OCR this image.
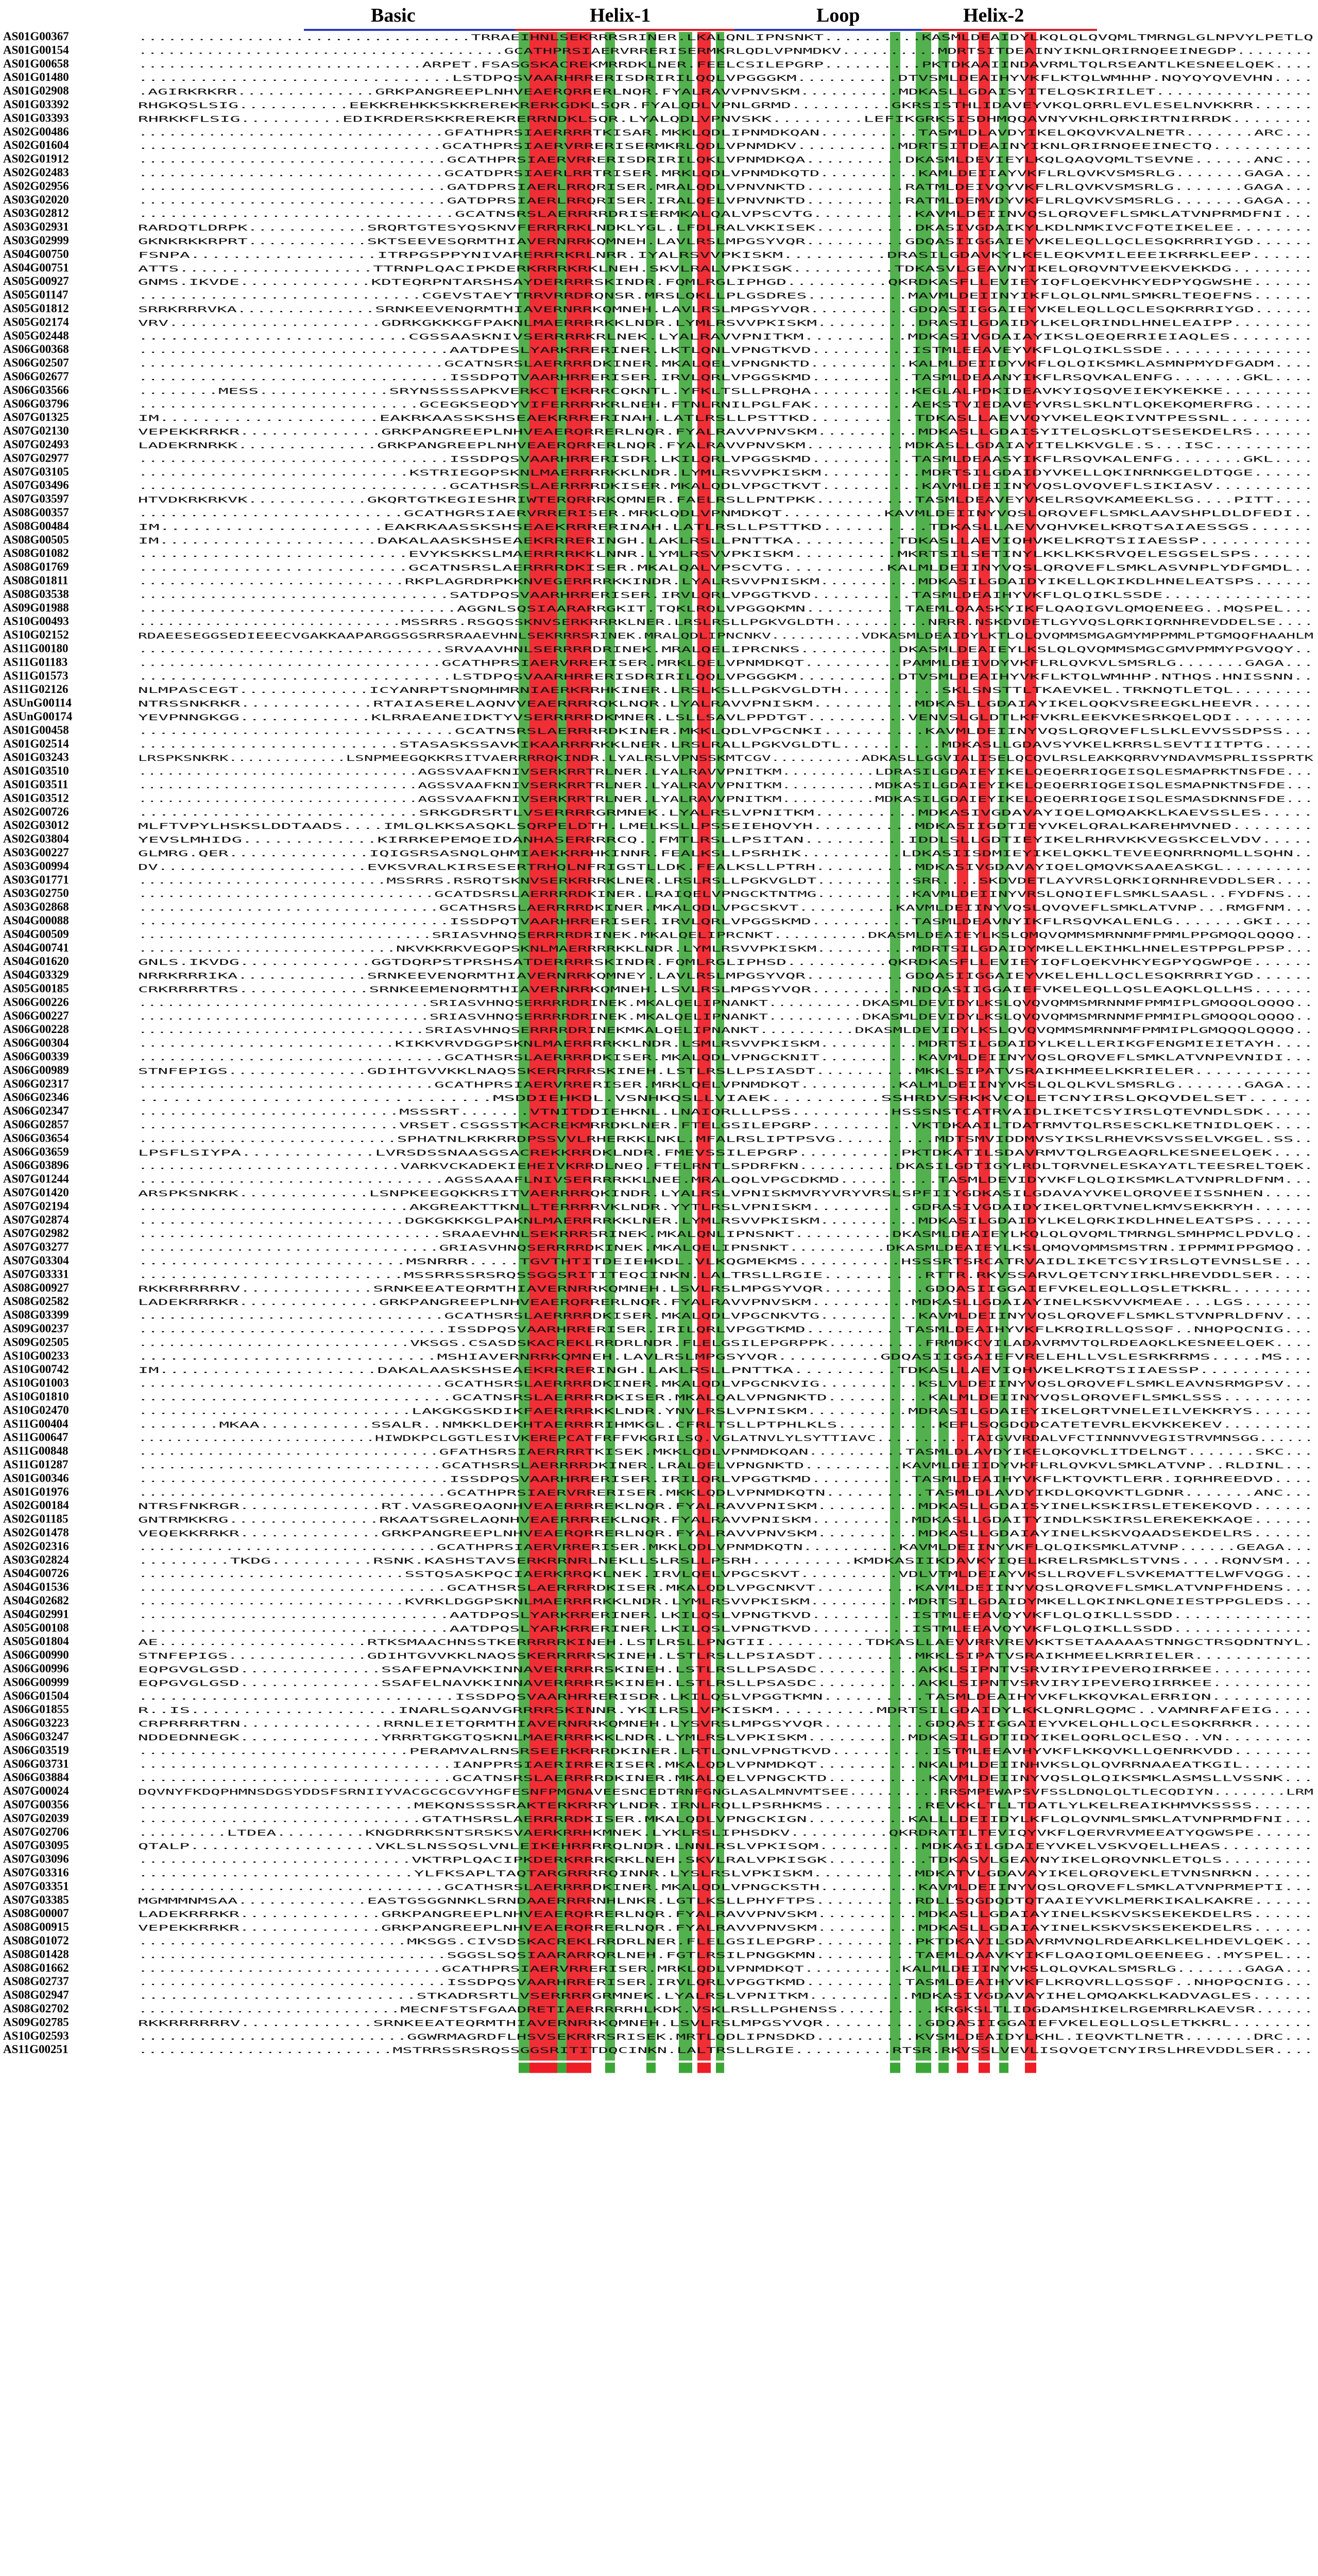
Basic	Helix-1	Loop	Helix-2
AS01G00367	..................................TRRAEIHNLSEKRRRSRINER.LKALQNLIPNSNKT..........KASMLDEAIDYLKQLQLQVQMLTMRNGLGLNPVYLPETLQ
AS01G00154	......................................GCATHPRSIAERVRRERISERMKRLQDLVPNMDKV..........MDRTSITDEAINYIKNLQRIRNQEEINEGDP........
AS01G00658	.............................ARPET.FSASGSKACREKMRRDKLNER.FEELCSILEPGRP..........PKTDKAAIINDAVRMLTQLRSEANTLKESNEELQEK....
AS01G01480	...............................LSTDPQSVAARHRRERISDRIRILQQLVPGGGKM..........DTVSMLDEAIHYVKFLKTQLWMHHP.NQYQYQVEVHN....
AS01G02908	.AGIRKRKRR..............GRKPANGREEPLNHVEAERQRRERLNQR.FYALRAVVPNVSKM..........MDKASLLGDAISYITELQSKIRILET................
AS01G03392	RHGKQSLSIG...........EEKKREHKKSKKREREKRERKGDKLSQR.FYALQDLVPNLGRMD..........GKRSISTHLIDAVEYVKQLQRRLEVLESELNVKKRR......
AS01G03393	RHRKKFLSIG..........EDIKRDERSKKREREKRERRNDKLSQR.LYALQDLVPNVSKK.........LEFIKGRKSISDHMQQAVNYVKHLQRKIRTNIRRDK........
AS02G00486	...............................GFATHPRSIAERRRRTKISAR.MKKLQDLIPNMDKQAN..........TASMLDLAVDYIKELQKQVKVALNETR.......ARC...
AS02G01604	..............................GCATHPRSIAERVRRERISERMKRLQDLVPNMDKV..........MDRTSITDEAINYIKNLQRIRNQEEINECTQ..........
AS02G01912	...............................GCATHPRSIAERVRRERISDRIRILQKLVPNMDKQA..........DKASMLDEVIEYLKQLQAQVQMLTSEVNE......ANC...
AS02G02483	...............................GCATDPRSIAERLRRTRISER.MRKLQDLVPNMDKQTD..........KAMLDEIIAYVKFLRLQVKVSMSRLG.......GAGA...
AS02G02956	...............................GATDPRSIAERLRRQRISER.MRALQDLVPNVNKTD..........RATMLDEIVQYVKFLRLQVKVSMSRLG.......GAGA...
AS03G02020	...............................GATDPRSIAERLRRQRISER.IRALQELVPNVNKTD..........RATMLDEMVDYVKFLRLQVKVSMSRLG.......GAGA...
AS03G02812	...............................GCATNSRSLAERRRRDRISERMKALQALVPSCVTG..........KAVMLDEIINVQSLQRQVEFLSMKLATVNPRMDFNI...
AS03G02931	RARDQTLDRPK............SRQRTGTESYQSKNVFERRRRKLNDKLYGL.LFDLRALVKKISEK..........DKASIVGDAIKYLKDLNMKIVCFQTEIKELEE........
AS03G02999	GKNKRKKRPRT............SKTSEEVESQRMTHIAVERNRRKQMNEH.LAVLRSLMPGSYVQR..........GDQASIIGGAIEYVKELEQLLQCLESQKRRRIYGD......
AS04G00750	FSNPA..................ITRPGSPPYNIVARERRRKRLNRR.IYALRSVVPKISKM..........DRASILGDAVKYLKELEQKVMILEEEIKRRKLEEP......
AS04G00751	ATTS...................TTRNPLQACIPKDERKRRRKRKLNEH.SKVLRALVPKISGK..........TDKASVLGEAVNYIKELQRQVNTVEEKVEKKDG........
AS05G00927	GNMS.IKVDE.............KDTEQRPNTARSHSAYDERRRRSKINDR.FQMLRGLIPHGD..........QKRDKASFLLEVIEYIQFLQEKVHKYEDPYQGWSHE......
AS05G01147	............................CGEVSTAEYTRRVRRDRQNSR.MRSLQKLLPLGSDRES..........MAVMLDEIINYIKFLQLQLNMLSMKRLTEQEFNS......
AS05G01812	SRRKRRRVKA..............SRNKEEVENQRMTHIAVERNRRKQMNEH.LAVLRSLMPGSYVQR..........GDQASIIGGAIEYVKELEQLLQCLESQKRRRIYGD......
AS05G02174	VRV.....................GDRKGKKKGFPAKNLMAERRRRKKLNDR.LYMLRSVVPKISKM..........DRASILGDAIDYLKELQRINDLHNELEAIPP........
AS05G02448	..........................CGSSAASKNIVSERRRRKRLNEK.LYALRAVVPNITKM..........MDKASIVGDAIAYIKSLQEQERRIEIAQLES........
AS06G00368	...............................AATDPESLYARKRRERINER.LKTLQNLVPNGTKVD..........ISTMLEEAVEYVKFLQLQIKLSSDE...............
AS06G02507	...............................GCATNSRSLAERRRRDKINER.MKALQELVPNGNKTD..........KALMLDEIIDYVKFLQLQIKSMKLASMNPMYDFGADM....
AS06G02677	...............................ISSDPQTVAARHRRERISER.IRVLQRLVPGGSKMD..........TASMLDEAANYIKFLRSQVKALENFG.......GKL....
AS06G03566	........MESS.............SRYNSSSSAPKVERKCTEKRRRCQKNTL.YFKLTSLLPRQHA..........KEGLALPDKIDEAVKYIQSQVEIEKYKEKKE.........
AS06G03796	............................GCEGKSEQDYVIFERRRRKRLNEH.FTNLRNILPGLFAK..........AEKSTVIEDAVEYVRSLSKLNTLQKEKQMERFRG......
AS07G01325	IM.....................EAKRKAASSKSHSEAEKRRRERINAH.LATLRSLLPSTTKD..........TDKASLLAEVVQYVKELEQKIVNTPESSNL........
AS07G02130	VEPEKKRRKR..............GRKPANGREEPLNHVEAERQRRERLNQR.FYALRAVVPNVSKM..........MDKASLLGDAISYITELQSKLQTSESEKDELRS......
AS07G02493	LADEKRNRKK..............GRKPANGREEPLNHVEAERQRRERLNQR.FYALRAVVPNVSKM..........MDKASLLGDAIAYITELKKVGLE.S...ISC..........
AS07G02977	...............................ISSDPQSVAARHRRERISDR.LKILQRLVPGGSKMD..........TASMLDEAASYIKFLRSQVKALENFG.......GKL....
AS07G03105	...........................KSTRIEGQPSKNLMAERRRRKKLNDR.LYMLRSVVPKISKM..........MDRTSILGDAIDYVKELLQKINRNKGELDTQGE......
AS07G03496	...............................GCATHSRSLAERRRRDKISER.MKALQDLVPGCTKVT..........KAVMLDEIINYVQSLQVQVEFLSIKIASV..........
AS07G03597	HTVDKRKRKVK............GKQRTGTKEGIESHRIWTERQRRRKQMNER.FAELRSLLPNTPKK..........TASMLDEAVEYVKELRSQVKAMEEKLSG....PITT....
AS08G00357	..........................GCATHGRSIAERVRRERISER.MRKLQDLVPNMDKQT..........KAVMLDEIINYVQSLQRQVEFLSMKLAAVSHPLDLDFEDI..
AS08G00484	IM.....................EAKRKAASSKSHSEAEKRRRERINAH.LATLRSLLPSTTKD..........TDKASLLAEVVQHVKELKRQTSAIAESSGS......
AS08G00505	IM.....................DAKALAASKSHSEAEKRRRERINGH.LAKLRSLLPNTTKA..........TDKASLLAEVIQHVKELKRQTSIIAESSP...........
AS08G01082	..........................EVYKSKKSLMAERRRRKKLNNR.LYMLRSVVPKISKM..........MKRTSILSETINYLKKLKKSRVQELESGSELSPS......
AS08G01769	..........................GCATNSRSLAERRRRDKISER.MKALQALVPSCVTG..........KALMLDEIINYVQSLQRQVEFLSMKLASVNPLYDFGMDL..
AS08G01811	...........................RKPLAGRDRPKKNVEGERRRRKKINDR.LYALRSVVPNISKM..........MDKASILGDAIDYIKELLQKIKDLHNELEATSPS......
AS08G03538	...............................SATDPQSVAARHRRERISER.IRVLQRLVPGGTKVD..........TASMLDEAIHYVKFLQLQIKLSSDE...............
AS09G01988	................................AGGNLSQSIAARARRGKIT.TQKLRQLVPGGQKMN..........TAEMLQAASKYIKFLQAQIGVLQMQENEEG..MQSPEL...
AS10G00493	............................MSSRRS.RSGQSSKNVSERKRRRKLNER.LRSLRSLLPGKVGLDTH..........NRRR.NSKDVDETLGYVQSLQRKIQRNHREVDDELSE....
AS10G02152	RDAEESEGGSEDIEEECVGAKKAAPARGGSGSRRSRAAEVHNLSEKRRRSRINEK.MRALQDLIPNCNKV..........VDKASMLDEAIDYLKTLQLQVQMMSMGAGMYMPPMMLPTGMQQFHAAHLM
AS11G00180	...............................SRVAAVHNLSERRRRDRINEK.MRALQELIPRCNKS..........DKASMLDEAIEYLKSLQLQVQMMSMGCGMVPMMYPGVQQY..
AS11G01183	...............................GCATHPRSIAERVRRERISER.MRKLQELVPNMDKQT..........PAMMLDEIVDYVKFLRLQVKVLSMSRLG.......GAGA...
AS11G01573	...............................LSTDPQSVAARHRRERISDRIRILQQLVPGGGKM..........DTVSMLDEAIHYVKFLKTQLWMHHP.NTHQS.HNISSNN..
AS11G02126	NLMPASCEGT.............ICYANRPTSNQMHMRNIAERKRRHKINER.LRSLKSLLPGKVGLDTH..........SKLSNSTTLTKAEVKEL.TRKNQTLETQL........
ASUnG00114	NTRSSNKRKR.............RTAIASERELAQNVVEAERRRRQKLNQR.LYALRAVVPNISKM..........MDKASLLGDAIAYIKELQQKVSREEGKLHEEVR......
ASUnG00174	YEVPNNGKGG.............KLRRAEANEIDKTYVSERRRRRDKMNER.LSLLSAVLPPDTGT..........VENVSLGLDTLKFVKRLEEKVKESRKQELQDI........
AS01G00458	...............................GCATNSRSLAERRRRDKINER.MKKLQDLVPGCNKI..........KAVMLDEIINYVQSLQRQVEFLSLKLEVVSSDPSS...
AS01G02514	..........................STASASKSSAVKIKAARRRRKKLNER.LRSLRALLPGKVGLDTL..........MDKASLLGDAVSYVKELKRRSLSEVTIITPTG.....
AS01G03243	LRSPKSNKRK.............LSNPMEEGQKKRSITVAERRRRQKINDR.LYALRSLVPNSSKMTCGV..........ADKASLLGGVIALISELQCQVLRSLEAKKQRRVYNDAVMSPRLISSPRTK
AS01G03510	..............................AGSSVAAFKNIVSERKRRTRLNER.LYALRAVVPNITKM..........LDRASILGDAIEYIKELQEQERRIQGEISQLESMAPRKTNSFDE...
AS01G03511	..............................AGSSVAAFKNIVSERKRRTRLNER.LYALRAVVPNITKM..........MDKASILGDAIEYIKELQEQERRIQGEISQLESMAPNKTNSFDE...
AS01G03512	..............................AGSSVAAFKNIVSERKRRTRLNER.LYALRAVVPNITKM..........MDKASILGDAIEYIKELQEQERRIQGEISQLESMASDKNNSFDE...
AS02G00726	...........................SRKGDRSRTLVSERRRRGRMNEK.LYALRSLVPNITKM..........MDKASIVGDAVAYIQELQMQAKKLKAEVSSLES.....
AS02G03012	MLFTVPYLHSKSLDDTAADS....IMLQLKKSASQKLSQRPELDTH.LMELKSLLPSSEIEHQVYH..........MDKASIIGDTIEYVKELQRALKAREHMVNED........
AS02G03804	YEVSLMHIDG.............KIRRKEPEMQEIDANHASERRRRCQ..FMTLRSLLPSITAN..........IDDLSLLGDTIEYIKELRHRVKKVEGSKCELVDV.....
AS03G00227	GLMRG.QER..............IQIGSRSASNQLQHMIAEKKRRHKINNR.FEALKSLLPSRHIK..........LDKASIISDMIEYIKELQKKLTEVEEQNRRNQMLLSQHN..
AS03G00994	DV.....................EVKSVRALKIRSESERTRHQLNFRIGSTLLDK.FEALKSLLPTRH..........MDKASIVGDAVAYIQELQMQVKSAAEASKGL.........
AS03G01771	..........................MSSRRS.RSRQTSKNVSERKRRRKLNER.LRSLRSLLPGKVGLDT..........SRR....SKDVDETLAYVRSLQRKIQRNHREVDDLSER....
AS03G02750	...............................GCATDSRSLAERRRRDKINER.LRAIQELVPNGCKTNTMG..........KAVMLDEIINYVRSLQNQIEFLSMKLSAASL..FYDFNS...
AS03G02868	...............................GCATHSRSLAERRRRDKINER.MKALQDLVPGCSKVT..........KAVMLDEIINYVQSLQVQVEFLSMKLATVNP...RMGFNM...
AS04G00088	...............................ISSDPQTVAARHRRERISER.IRVLQRLVPGGSKMD..........TASMLDEAVNYIKFLRSQVKALENLG.......GKI....
AS04G00509	...............................SRIASVHNQSERRRRDRINEK.MKALQELIPRCNKT..........DKASMLDEAIEYLKSLQMQVQMMSMRNNMFPMMLPPGMQQLQQQQ..
AS04G00741	...........................NKVKKRKVEGQPSKNLMAERRRRKKLNDR.LYMLRSVVPKISKM..........MDRTSILGDAIDYMKELLEKIHKLHNELESTPPGLPPSP...
AS04G01620	GNLS.IKVDG.............GGTDQRPSTPRSHSATDERRRRSKINDR.FQMLRGLIPHSD..........QKRDKASFLLEVIEYIQFLQEKVHKYEGPYQGWPQE......
AS04G03329	NRRKRRRIKA.............SRNKEEVENQRMTHIAVERNRRKQMNEY.LAVLRSLMPGSYVQR..........GDQASIIGGAIEYVKELEHLLQCLESQKRRRIYGD......
AS05G00185	CRKRRRRTRS.............SRNKEEMENQRMTHIAVERNRRKQMNEH.LSVLRSLMPGSYVQR..........NDQASIIGGAIEFVKELEQLLQSLEAQKLQLLHS......
AS06G00226	...............................SRIASVHNQSERRRRDRINEK.MKALQELIPNANKT..........DKASMLDEVIDYLKSLQVQVQMMSMRNNMFPMMIPLGMQQQLQQQQ..
AS06G00227	...............................SRIASVHNQSERRRRDRINEK.MKALQELIPNANKT..........DKASMLDEVIDYLKSLQVQVQMMSMRNNMFPMMIPLGMQQQLQQQQ..
AS06G00228	..............................SRIASVHNQSERRRRDRINEKMKALQELIPNANKT..........DKASMLDEVIDYLKSLQVQVQMMSMRNNMFPMMIPLGMQQQLQQQQ..
AS06G00304	..........................KIKKVRVDGGPSKNLMAERRRRKKLNDR.LSMLRSVVPKISKM..........MDRTSILGDAIDYLKELLERIKGFENGMIEIETAYH....
AS06G00339	...............................GCATHSRSLAERRRRDKISER.MKALQDLVPNGCKNIT..........KAVMLDEIINYVQSLQRQVEFLSMKLATVNPEVNIDI...
AS06G00989	STNFEPIGS..............GDIHTGVVKKLNAQSSKERRRRRSKINEH.LSTLRSLLPSIASDT..........MKKLSIPATVSRAIKHMEELKKRIELER............
AS06G02317	..............................GCATHPRSIAERVRRERISER.MRKLQELVPNMDKQT..........KALMLDEIINYVKSLQLQLKVLSMSRLG.......GAGA...
AS06G02346	................................MSDDIEHKDL.VSNHKQSLLVIAEK..........SSHRDVSRKKVCQLETCNYIRSLQKQVDELSET......
AS06G02347	..........................MSSSRT.......VTNITDDIEHKNL.LNAIQRLLLPSS..........HSSSNSTCATRVAIDLIKETCSYIRSLQTEVNDLSDK.....
AS06G02857	..........................VRSET.CSGSSTKACREKMRRDKLNER.FTELGSILEPGRP..........VKTDKAAILTDATRMVTQLRSESCKLKETNIDLQEK....
AS06G03654	..........................SPHATNLKRKRRDPSSVVLRHERKKLNKL.MFALRSLIPTPSVG..........MDTSMVIDDMVSYIKSLRHEVKSVSSELVKGEL.SS..
AS06G03659	LPSFLSIYPA.............LVRSDSSNAASGSACREKKRRDKLNDR.FMEVSSILEPGRP..........PKTDKATILSDAVRMVTQLRGEAQRLKESNEELQEK....
AS06G03896	...........................VARKVCKADEKIEHEIVKRRDLNEQ.FTELRNTLSPDRFKN..........DKASILGDTIGYLRDLTQRVNELESKAYATLTEESRELTQEK.
AS07G01244	...............................AGSSAAAFLNIVSERRRRKKLNEE.MRALQQLVPGCDKMD..........TASMLDEVIDYVKFLQLQIKSMKLATVNPRLDFNM...
AS07G01420	ARSPKSNKRK.............LSNPKEEGQKKRSITVAERRRRQKINDR.LYALRSLVPNISKMVRYVRYVRSLSPFIIYGDKASILGDAVAYVKELQRQVEEISSNHEN.....
AS07G02194	...........................AKGREAKTTKNLLTERRRRVKLNDR.YYTLRSLVPNISKM..........GDRASIVGDAIDYIKELQRTVNELKMVSEKKRYH......
AS07G02874	...........................DGKGKKKGLPAKNLMAERRRRKKLNER.LYMLRSVVPKISKM..........MDKASILGDAIDYLKELQRKIKDLHNELEATSPS......
AS07G02982	...............................SRAAEVHNLSEKRRRSRINEK.MKALQNLIPNSNKT..........DKASMLDEAIEYLKQLQLQVQMLTMRNGLSMHPMCLPDVLQ..
AS07G03277	...............................GRIASVHNQSERRRRDKINEK.MKALQELIPNSNKT..........DKASMLDEAIEYLKSLQMQVQMMSMSTRN.IPPMMIPPGMQQ..
AS07G03304	..........................MSNRRR.....TGVTHTITDEIEHKDL.VLKQGMEKMS..........HSSSRTSRCATRVAIDLIKETCSYIRSLQTEVNSLSE...
AS07G03331	..........................MSSRRSSRSRQSSGGSRITITEQCINKN.LALTRSLLRGIE..........RTTR.RKVSSARVLQETCNYIRKLHREVDDLSER....
AS08G00927	RKKRRRRRRV.............SRNKEEATEQRMTHIAVERNRRKQMNEH.LSVLRSLMPGSYVQR..........GDQASIIGGAIEFVKELEQLLQSLETKKRL........
AS08G02582	LADEKRRRKR..............GRKPANGREEPLNHVEAERQRRERLNQR.FYALRAVVPNVSKM..........MDKASLLGDAIAYINELKSKVVKMEAE...LGS.......
AS08G03399	...............................GCATHSRSLAERRRRDKISER.MKALQDLVPGCNKVTG..........KAVMLDEIINYVQSLQRQVEFLSMKLSTVNPRLDFNV...
AS09G00237	...............................ISSDPQSVAARHRRERISER.IRILQRLVPGGTKMD..........TASMLDEAIHYVKFLKRQIRLLQSSQF..NHQPQCNIG...
AS09G02505	............................VKSGS.CSASDSKACREKLRRDRLNDR.FLELGSILEPGRPPK..........FRMDKCVILADAVRMVTQLRDEAQKLKESNEELQEK....
AS10G00233	.............................MSHIAVERNRRKQMNEH.LAVLRSLMPGSYVQR..........GDQASIIGGAIEFVRELEHLLVSLESRKRRMS.....MS...
AS10G00742	IM.....................DAKALAASKSHSEAEKRRRERINGH.LAKLRSLLPNTTKA..........TDKASLLAEVIQHVKELKRQTSIIAESSP...........
AS10G01003	...............................GCATHSRSLAERRRRDKINER.MKALQDLVPGCNKVIG..........KSLVLDEIINYVQSLQRQVEFLSMKLEAVNSRMGPSV...
AS10G01810	...............................GCATNSRSLAERRRRDKISER.MKALQALVPNGNKTD..........KALMLDEIINYVQSLQRQVEFLSMKLSSS.........
AS10G02470	...........................LAKGKGSKDIKFAERRRRKKLNDR.YNVLRSLVPNISKM..........MDRASILGDAIEYIKELQRTVNELEILVEKKRYS......
AS11G00404	........MKAA...........SSALR..NMKKLDEKHTAERRRRIHMKGL.CFRLTSLLPTPHLKLS..........KEFLSQGDQDCATETEVRLEKVKKEKEV.........
AS11G00647	..........................HIWDKPCLGGTLESIVKEREPCATFRFFVKGRILSQ.VGLATNVLYLSYTTIAVC..........TAIGVVRDALVFCTINNNVVEGISTRVMNSGG......
AS11G00848	...............................GFATHSRSIAERRRRTKISEK.MKKLQDLVPNMDKQAN..........TASMLDLAVDYIKELQKQVKLITDELNGT.......SKC...
AS11G01287	...............................GCATHSRSLAERRRRDKINER.LRALQELVPNGNKTD..........KAVMLDEIIDYVKFLRLQVKVLSMKLATVNP..RLDINL...
AS01G00346	...............................ISSDPQSVAARHRRERISER.IRILQRLVPGGTKMD..........TASMLDEAIHYVKFLKTQVKTLERR.IQRHREEDVD....
AS01G01976	...............................GCATHPRSIAERVRRERISER.MKKLQDLVPNMDKQTN..........TASMLDLAVDYIKDLQKQVKTLGDNR.......ANC...
AS02G00184	NTRSFNKRGR..............RT.VASGREQAQNHVEAERRRREKLNQR.FYALRAVVPNISKM..........MDKASLLGDAISYINELKSKIRSLETEKEKQVD......
AS02G01185	GNTRMKKRG...............RKAATSGRELAQNHVEAERRRREKLNQR.FYALRAVVPNISKM..........MDKASLLGDAITYINDLKSKIRSLEREKEKKAQE......
AS02G01478	VEQEKKRRKR..............GRKPANGREEPLNHVEAERQRRERLNQR.FYALRAVVPNVSKM..........MDKASLLGDAIAYINELKSKVQAADSEKDELRS......
AS02G02316	...............................GCATHPRSIAERVRRERISER.MKKLQDLVPNMDKQTN..........KAVMLDEIINYVKFLQLQIKSMKLATVNP......GEAGA...
AS03G02824	.........TKDG..........RSNK.KASHSTAVSERKRRNRLNEKLLSLRSLLPSRH..........KMDKASIIKDAVKYIQELKRELRSMKLSTVNS....RQNVSM...
AS04G00726	...........................SSTQSASKPQCIAERKRRQKLNEK.IRVLQELVPGCSKVT..........VDLVTMLDEIAYVKSLLRQVEFLSVKEMATTELWFVQGG...
AS04G01536	...............................GCATHSRSLAERRRRDKISER.MKALQDLVPGCNKVT..........KAVMLDEIINYVQSLQRQVEFLSMKLATVNPFHDENS...
AS04G02682	...........................KVRKLDGGPSKNLMAERRRRKKLNDR.LYMLRSVVPKISKM..........MDRTSILGDAIDYMKELLQKINKLQNEIESTPPGLEDS...
AS04G02991	...............................AATDPQSLYARKRRERINER.LKILQSLVPNGTKVD..........ISTMLEEAVQYVKFLQLQIKLLSSDD..............
AS05G00108	...............................AATDPQSLYARKRRERINER.LKILQSLVPNGTKVD..........ISTMLEEAVQYVKFLQLQIKLLSSDD..............
AS05G01804	AE.....................RTKSMAACHNSSTKERRRRRKINEH.LSTLRSLLPNGTII..........TDKASLLAEVVRRVREVKKTSETAAAAASTNNGCTRSQDNTNYL.
AS06G00990	STNFEPIGS..............GDIHTGVVKKLNAQSSKERRRRRSKINEH.LSTLRSLLPSIASDT..........MKKLSIPATVSRAIKHMEELKRRIELER............
AS06G00996	EQPGVGLGSD..............SSAFEPNAVKKINNAVERRRRRSKINEH.LSTLRSLLPSASDC..........AKKLSIPNTVSRVIRYIPEVERQIRRKEE..........
AS06G00999	EQPGVGLGSD..............SSAFELNAVKKINNAVERRRRRSKINEH.LSTLRSLLPSASDC..........AKKLSIPNTVSRVIRYIPEVERQIRRKEE..........
AS06G01504	...............................ISSDPQSVAARHRRERISDR.LKILQSLVPGGTKMN..........TASMLDEAIHYVKFLKKQVKALERRIQN..........
AS06G01855	R..IS....................INARLSQANVGRRRRSKINNR.YKILRSLVPKISKM..........MDRTSILGDAIDYLKKLQNRLQQMC..VAMNRFAFEIG....
AS06G03223	CRPRRRRTRN..............RRNLEIETQRMTHIAVERNRRKQMNEH.LYSVRSLMPGSYVQR..........GDQASIIGGAIEYVKELQHLLQCLESQKRRKR......
AS06G03247	NDDEDNNEGK..............YRRRTGKGTQSKNLMAERRRRKKLNDR.LYMLRSLVPKISKM..........MDKASILGDTIDYIKELQQRLQCLESQ..VN.........
AS06G03519	...........................PERAMVALRNSRSEERKRRRDKINER.LRTLQNLVPNGTKVD..........ISTMLEEAVHYVKFLKKQVKLLQENRKVDD........
AS06G03731	...............................IANPPRSIAERIRRERISER.MKALQDLVPNMDKQT..........NKALMLDEIINHVKSLQLQVRRNAAEATKGIL.......
AS06G03884	...............................GCATNSRSLAERRRRDKINER.MKALQELVPNGCKTD..........KAVMLDEIINYVQSLQLQIKSMKLASMSLLVSSNK...
AS07G00024	DQVNYFKDQPHMNSDGSYDDSFSRNIIYVACGCGCGVYHGFESNFPMGNAVEESNCEDTRNFGNGLASALMNVMTSEE..........RRSMPEWAPSVFSSLDNQLQLTLECQDIYN........LRM
AS07G00356	...........................MEKQNSSSSRAKTERKRRRYLNDR.IRNLRQLLPSRHKMS..........REVKKLTLLTDATLYLKELREAIKHMVKSSSS......
AS07G02039	............................GTATHSRSLAERRRRDKISER.MKALQDLVPNGCKIGN..........KALLLDEIIDYLKFLQLQVNMLSMKLATVNPRMDFNI...
AS07G02706	.........LTDEA.........KNGDRRKSNTSRSKSVAERKRRHKMNEK.LYKLRSLIPHSDKV..........QKRDRATILTEVIQYVKFLQERVRVMEEATYQGWSPE......
AS07G03095	QTALP..................VKLSLNSSQSLVNLEIKEHRRRRQLNDR.LNNLRSLVPKISQM..........MDKAGILGDAIEYVKELVSKVQELLHEAS.........
AS07G03096	...........................VKTRPLQACIPKDERKRRRKRKLNEH.SKVLRALVPKISGK..........TDKASVLGEAVNYIKELQRQVNKLETQLS.........
AS07G03316	...........................YLFKSAPLTAQTARGRRRRQINNR.LYSLRSLVPKISKM..........MDKATVLGDAVAYIKELQRQVEKLETVNSNRKN......
AS07G03351	...............................GCATHSRSLAERRRRDKINER.MKALQDLVPNGCKSTH..........KAVMLDEIINYVQSLQRQVEFLSMKLATVNPRMEPTI...
AS07G03385	MGMMMNMSAA.............EASTGSGGNNKLSRNDAAERRRRNHLNKR.LGTLKSLLPHYFTPS..........RDLLSQGDQDTQTAAIEYVKLMERKIKALKAKRE......
AS08G00007	LADEKRRRKR..............GRKPANGREEPLNHVEAERQRRERLNQR.FYALRAVVPNVSKM..........MDKASLLGDAIAYINELKSKVSKSEKEKDELRS......
AS08G00915	VEPEKKRRKR..............GRKPANGREEPLNHVEAERQRRERLNQR.FYALRAVVPNVSKM..........MDKASLLGDAIAYINELKSKVSKSEKEKDELRS......
AS08G01072	...........................MKSGS.CIVSDSKACREKLRRDRLNER.FLELGSILEPGRP..........PKTDKAVILGDAVRMVNQLRDEARKLKELHDEVLQEK...
AS08G01428	...............................SGGSLSQSIAARARRQRLNEH.FGTLRSILPNGGKMN..........TAEMLQAAVKYIKFLQAQIQMLQEENEEG..MYSPEL...
AS08G01662	...............................GCATHPRSIAERVRRERISER.MRKLQDLVPNMDKQT..........KALMLDEIINYVKSLQLQVKALSMSRLG.......GAGA...
AS08G02737	...............................ISSDPQSVAARHRRERISER.IRVLQRLVPGGTKMD..........TASMLDEAIHYVKFLKRQVRLLQSSQF..NHQPQCNIG...
AS08G02947	...........................STKADRSRTLVSERRRRGRMNEK.LYALRSLVPNITKM..........MDKASIVGDAVAYIHELQMQAKKLKADVAGLES......
AS08G02702	...........................MECNFSTSFGAADRETIAERRRRRHLKDK.VSKLRSLLPGHENSS..........KRGKSLTLIDGDAMSHIKELRGEMRRLKAEVSR......
AS09G02785	RKKRRRRRRV.............SRNKEEATEQRMTHIAVERNRRKQMNEH.LSVLRSLMPGSYVQR..........GDQASIIGGAIEFVKELEQLLQSLETKKRL........
AS10G02593	...........................GGWRMAGRDFLHSVSEKRRRSRISEK.MRTLQDLIPNSDKD..........KVSMLDEAIDYLKHL.IEQVKTLNETR.......DRC...
AS11G00251	..........................MSTRRSSRSRQSSGGSRITITDQCINKN.LALTRSLLRGIE..........RTSR.RKVSSLVEVLISQVQETCNYIRSLHREVDDLSER....
